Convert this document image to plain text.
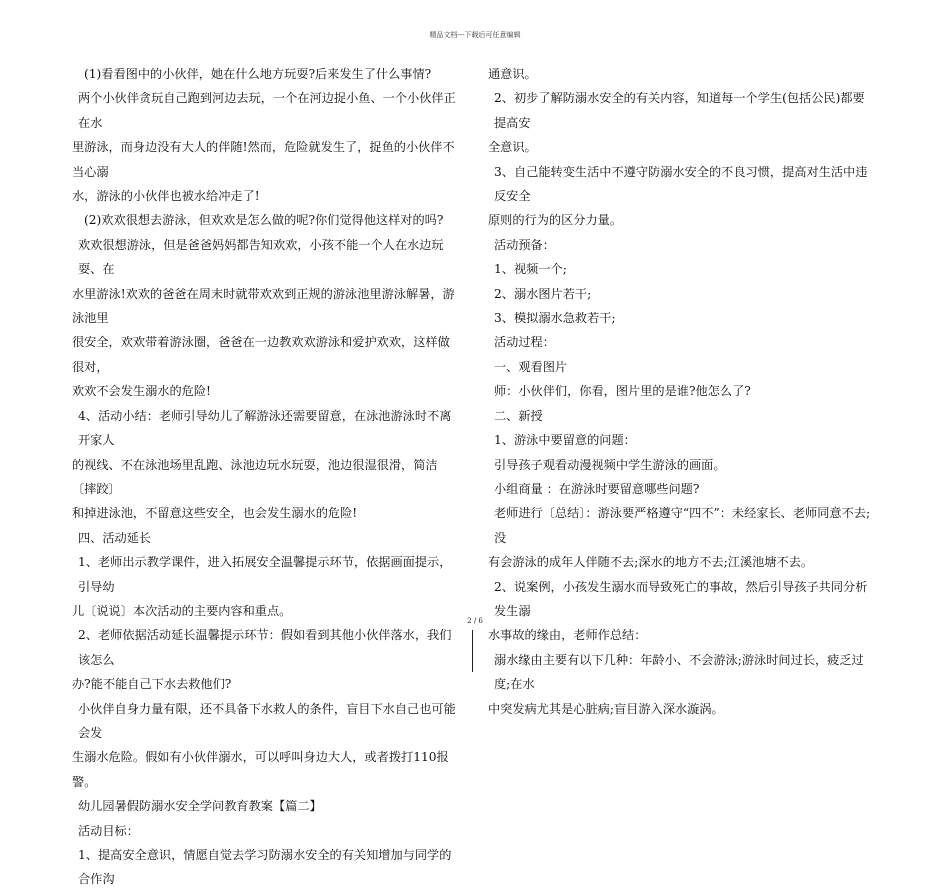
精品文档---下载后可任意编辑

(1)看看图中的小伙伴，她在什么地方玩耍?后来发生了什么事情?

两个小伙伴贪玩自己跑到河边去玩，一个在河边捉小鱼、一个小伙伴正在水

里游泳，而身边没有大人的伴随!然而，危险就发生了，捉鱼的小伙伴不当心溺

水，游泳的小伙伴也被水给冲走了!

(2)欢欢很想去游泳，但欢欢是怎么做的呢?你们觉得他这样对的吗?

欢欢很想游泳，但是爸爸妈妈都告知欢欢，小孩不能一个人在水边玩耍、在

水里游泳!欢欢的爸爸在周末时就带欢欢到正规的游泳池里游泳解暑，游泳池里

很安全，欢欢带着游泳圈，爸爸在一边教欢欢游泳和爱护欢欢，这样做很对，

欢欢不会发生溺水的危险!

4、活动小结：老师引导幼儿了解游泳还需要留意，在泳池游泳时不离开家人

的视线、不在泳池场里乱跑、泳池边玩水玩耍，池边很湿很滑，简洁〔摔跤〕

和掉进泳池，不留意这些安全，也会发生溺水的危险!

四、活动延长

1、老师出示教学课件，进入拓展安全温馨提示环节，依据画面提示，引导幼

儿〔说说〕本次活动的主要内容和重点。

2、老师依据活动延长温馨提示环节：假如看到其他小伙伴落水，我们该怎么

办?能不能自己下水去救他们?

小伙伴自身力量有限，还不具备下水救人的条件，盲目下水自己也可能会发

生溺水危险。假如有小伙伴溺水，可以呼叫身边大人，或者拨打110报警。

幼儿园暑假防溺水安全学问教育教案【篇二】

活动目标：

1、提高安全意识，情愿自觉去学习防溺水安全的有关知增加与同学的合作沟

通意识。

2、初步了解防溺水安全的有关内容，知道每一个学生(包括公民)都要提高安

全意识。

3、自己能转变生活中不遵守防溺水安全的不良习惯，提高对生活中违反安全

原则的行为的区分力量。

活动预备：

1、视频一个;

2、溺水图片若干;

3、模拟溺水急救若干;

活动过程：

一、观看图片

师：小伙伴们，你看，图片里的是谁?他怎么了?

二、新授

1、游泳中要留意的问题：

引导孩子观看动漫视频中学生游泳的画面。

小组商量 ：在游泳时要留意哪些问题?

老师进行〔总结〕：游泳要严格遵守“四不”：未经家长、老师同意不去;没

有会游泳的成年人伴随不去;深水的地方不去;江溪池塘不去。

2、说案例，小孩发生溺水而导致死亡的事故，然后引导孩子共同分析发生溺

水事故的缘由，老师作总结：

溺水缘由主要有以下几种：年龄小、不会游泳;游泳时间过长，疲乏过度;在水

中突发病尤其是心脏病;盲目游入深水漩涡。

2 / 6
